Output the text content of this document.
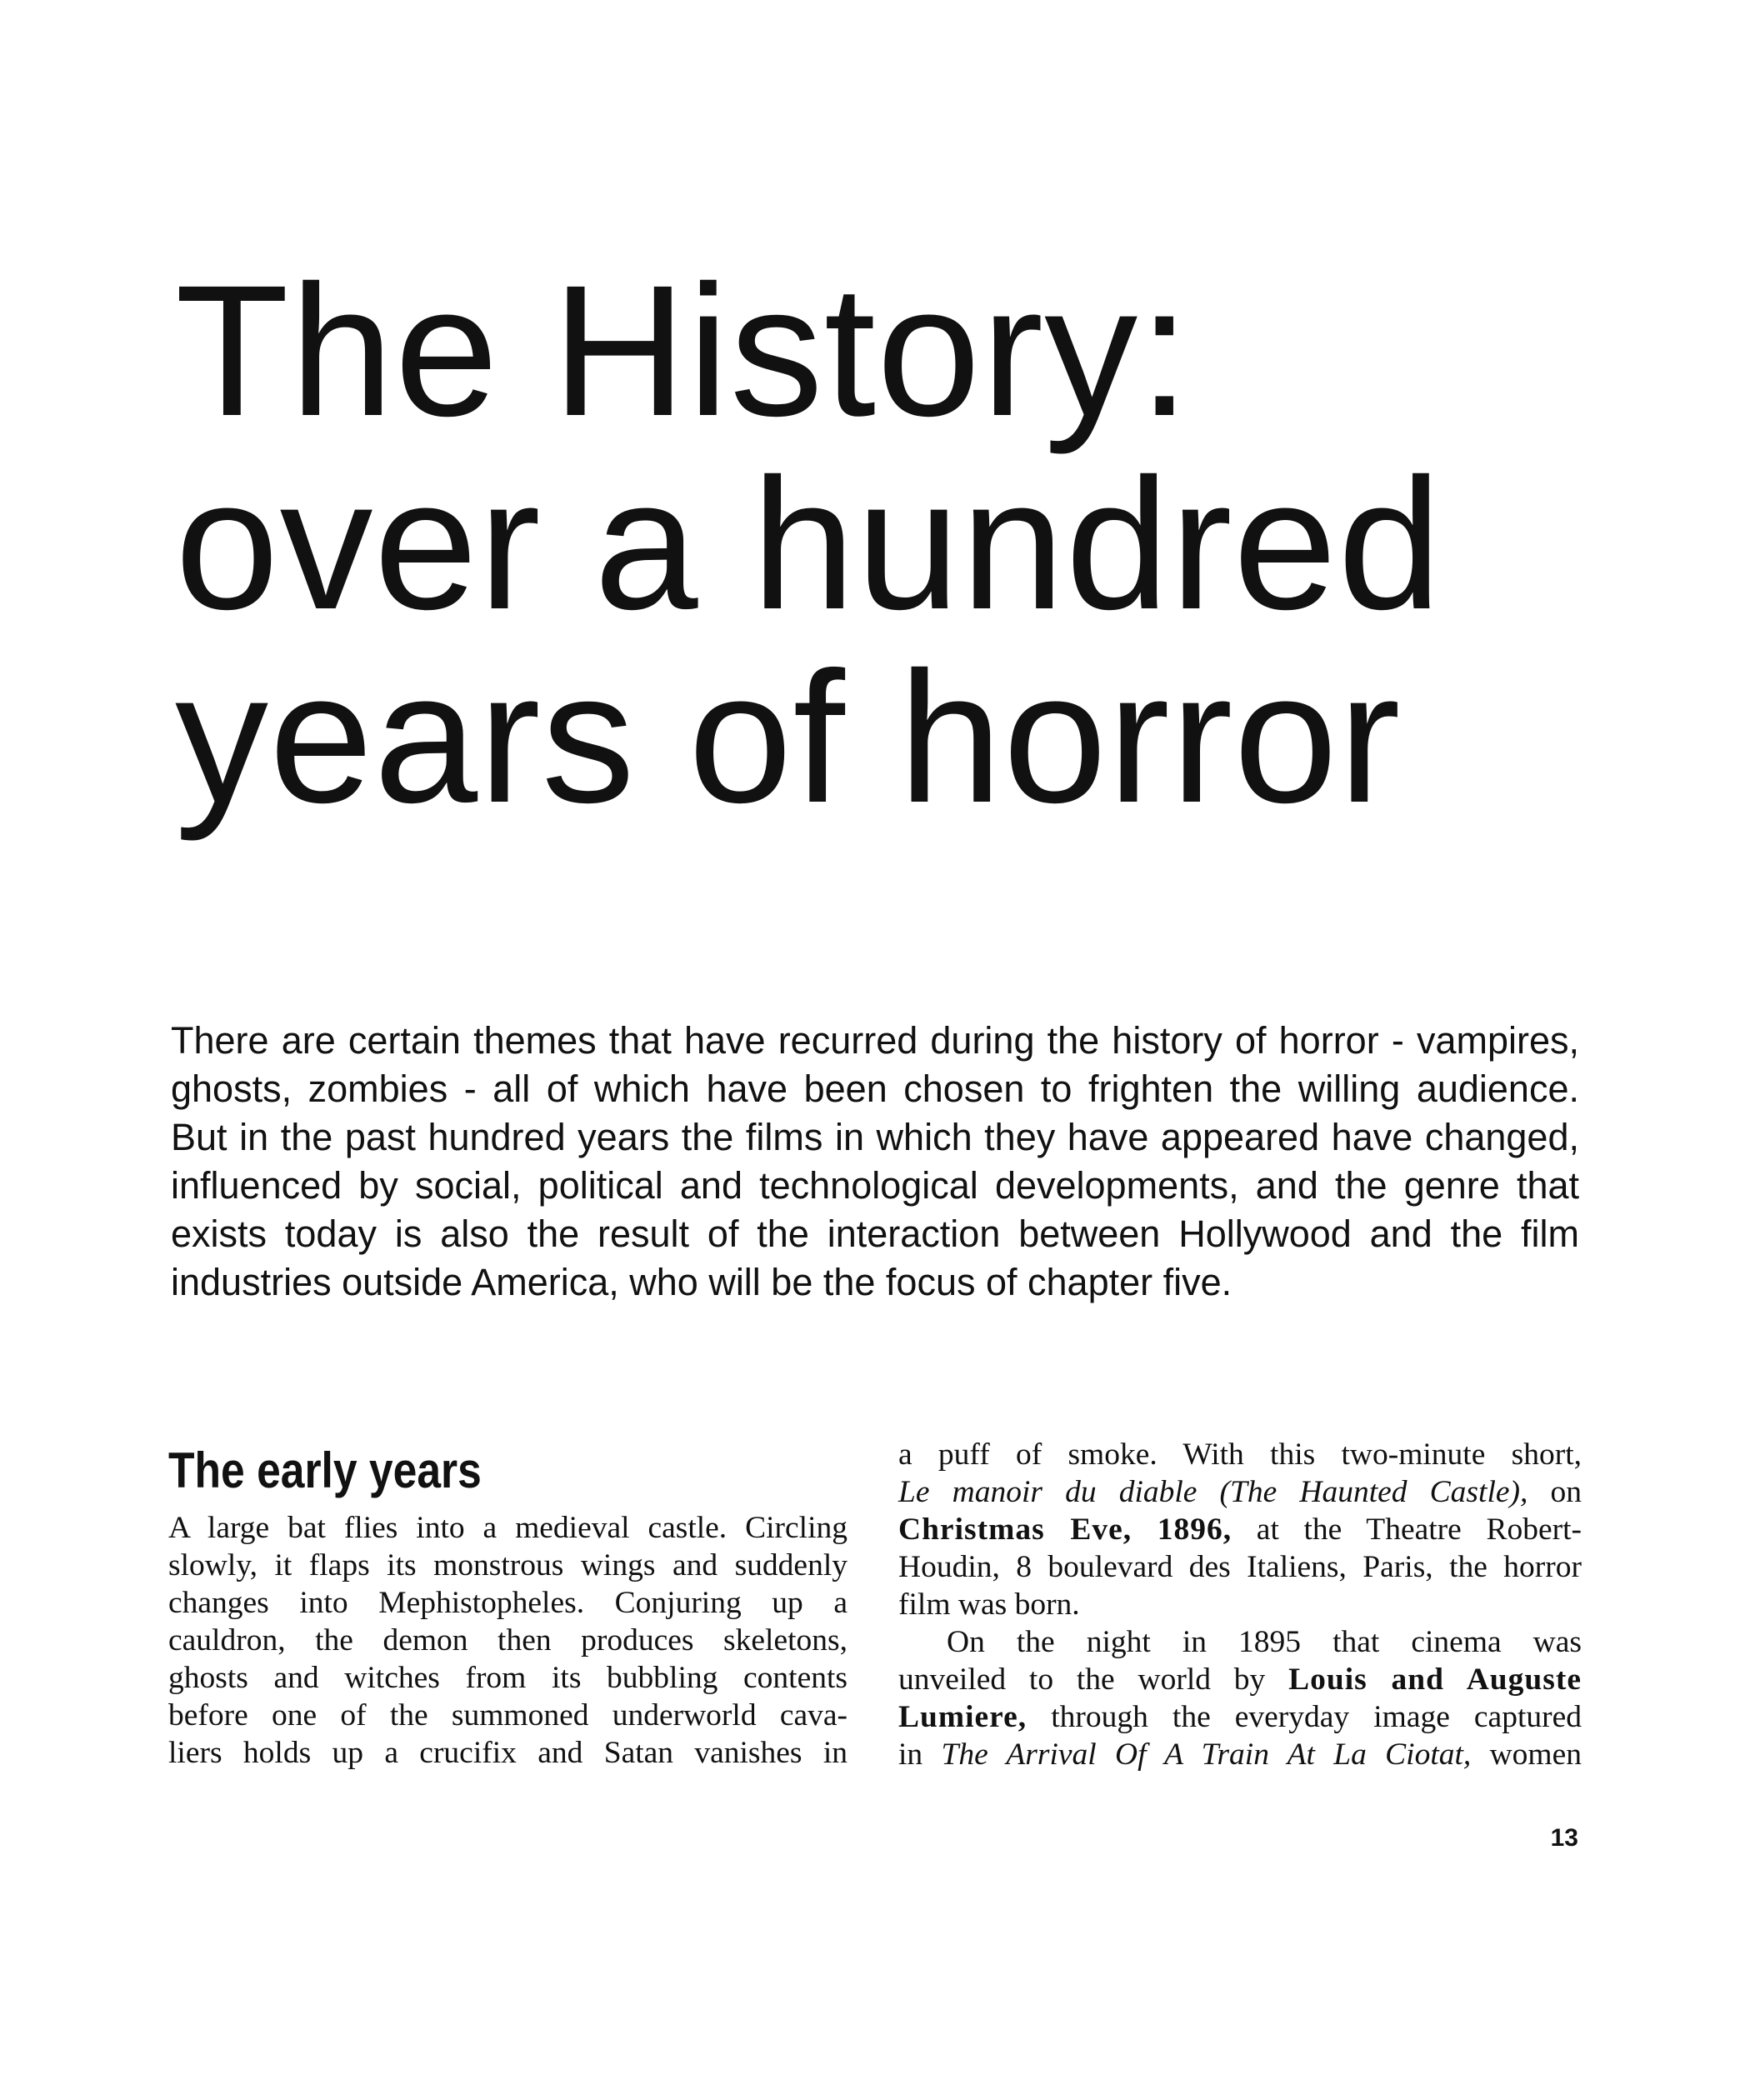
The History:
over a hundred
years of horror

There are certain themes that have recurred during the history of horror - vampires,
ghosts, zombies - all of which have been chosen to frighten the willing audience.
But in the past hundred years the films in which they have appeared have changed,
influenced by social, political and technological developments, and the genre that
exists today is also the result of the interaction between Hollywood and the film
industries outside America, who will be the focus of chapter five.

The early years
A large bat flies into a medieval castle. Circling
slowly, it flaps its monstrous wings and suddenly
changes into Mephistopheles. Conjuring up a
cauldron, the demon then produces skeletons,
ghosts and witches from its bubbling contents
before one of the summoned underworld cava-
liers holds up a crucifix and Satan vanishes in
a puff of smoke. With this two-minute short,
Le manoir du diable (The Haunted Castle), on
Christmas Eve, 1896, at the Theatre Robert-
Houdin, 8 boulevard des Italiens, Paris, the horror
film was born.
On the night in 1895 that cinema was
unveiled to the world by Louis and Auguste
Lumiere, through the everyday image captured
in The Arrival Of A Train At La Ciotat, women
13
